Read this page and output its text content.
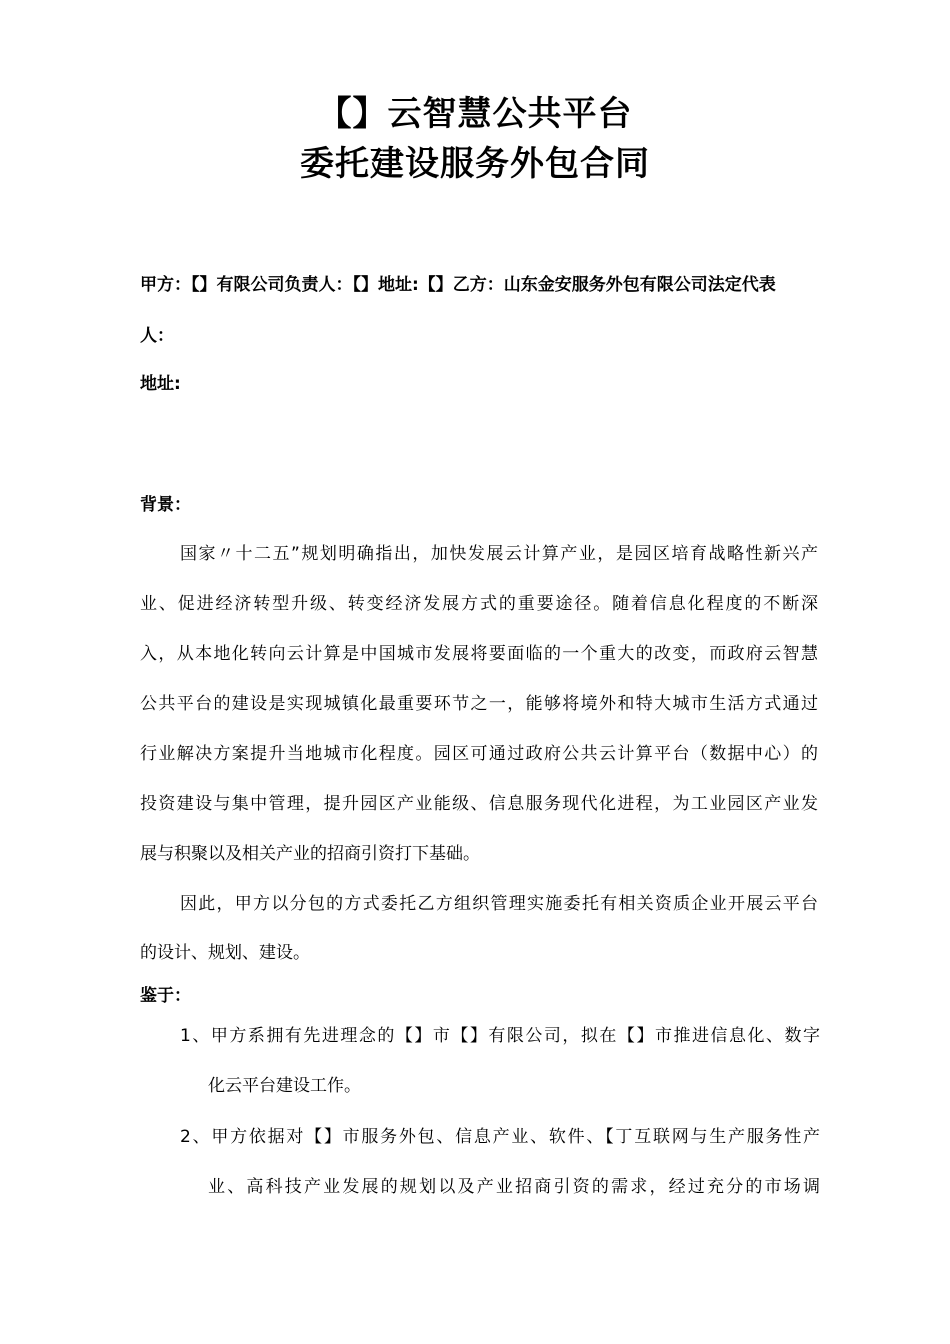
【】云智慧公共平台
委托建设服务外包合同

甲方：【】有限公司负责人：【】地址:【】乙方：山东金安服务外包有限公司法定代表

人：

地址:

背景：

国家〃十二五”规划明确指出，加快发展云计算产业，是园区培育战略性新兴产

业、促进经济转型升级、转变经济发展方式的重要途径。随着信息化程度的不断深

入，从本地化转向云计算是中国城市发展将要面临的一个重大的改变，而政府云智慧

公共平台的建设是实现城镇化最重要环节之一，能够将境外和特大城市生活方式通过

行业解决方案提升当地城市化程度。园区可通过政府公共云计算平台（数据中心）的

投资建设与集中管理，提升园区产业能级、信息服务现代化进程，为工业园区产业发

展与积聚以及相关产业的招商引资打下基础。

因此，甲方以分包的方式委托乙方组织管理实施委托有相关资质企业开展云平台

的设计、规划、建设。

鉴于：

1、甲方系拥有先进理念的【】市【】有限公司，拟在【】市推进信息化、数字

化云平台建设工作。

2、甲方依据对【】市服务外包、信息产业、软件、【丁互联网与生产服务性产

业、高科技产业发展的规划以及产业招商引资的需求，经过充分的市场调
